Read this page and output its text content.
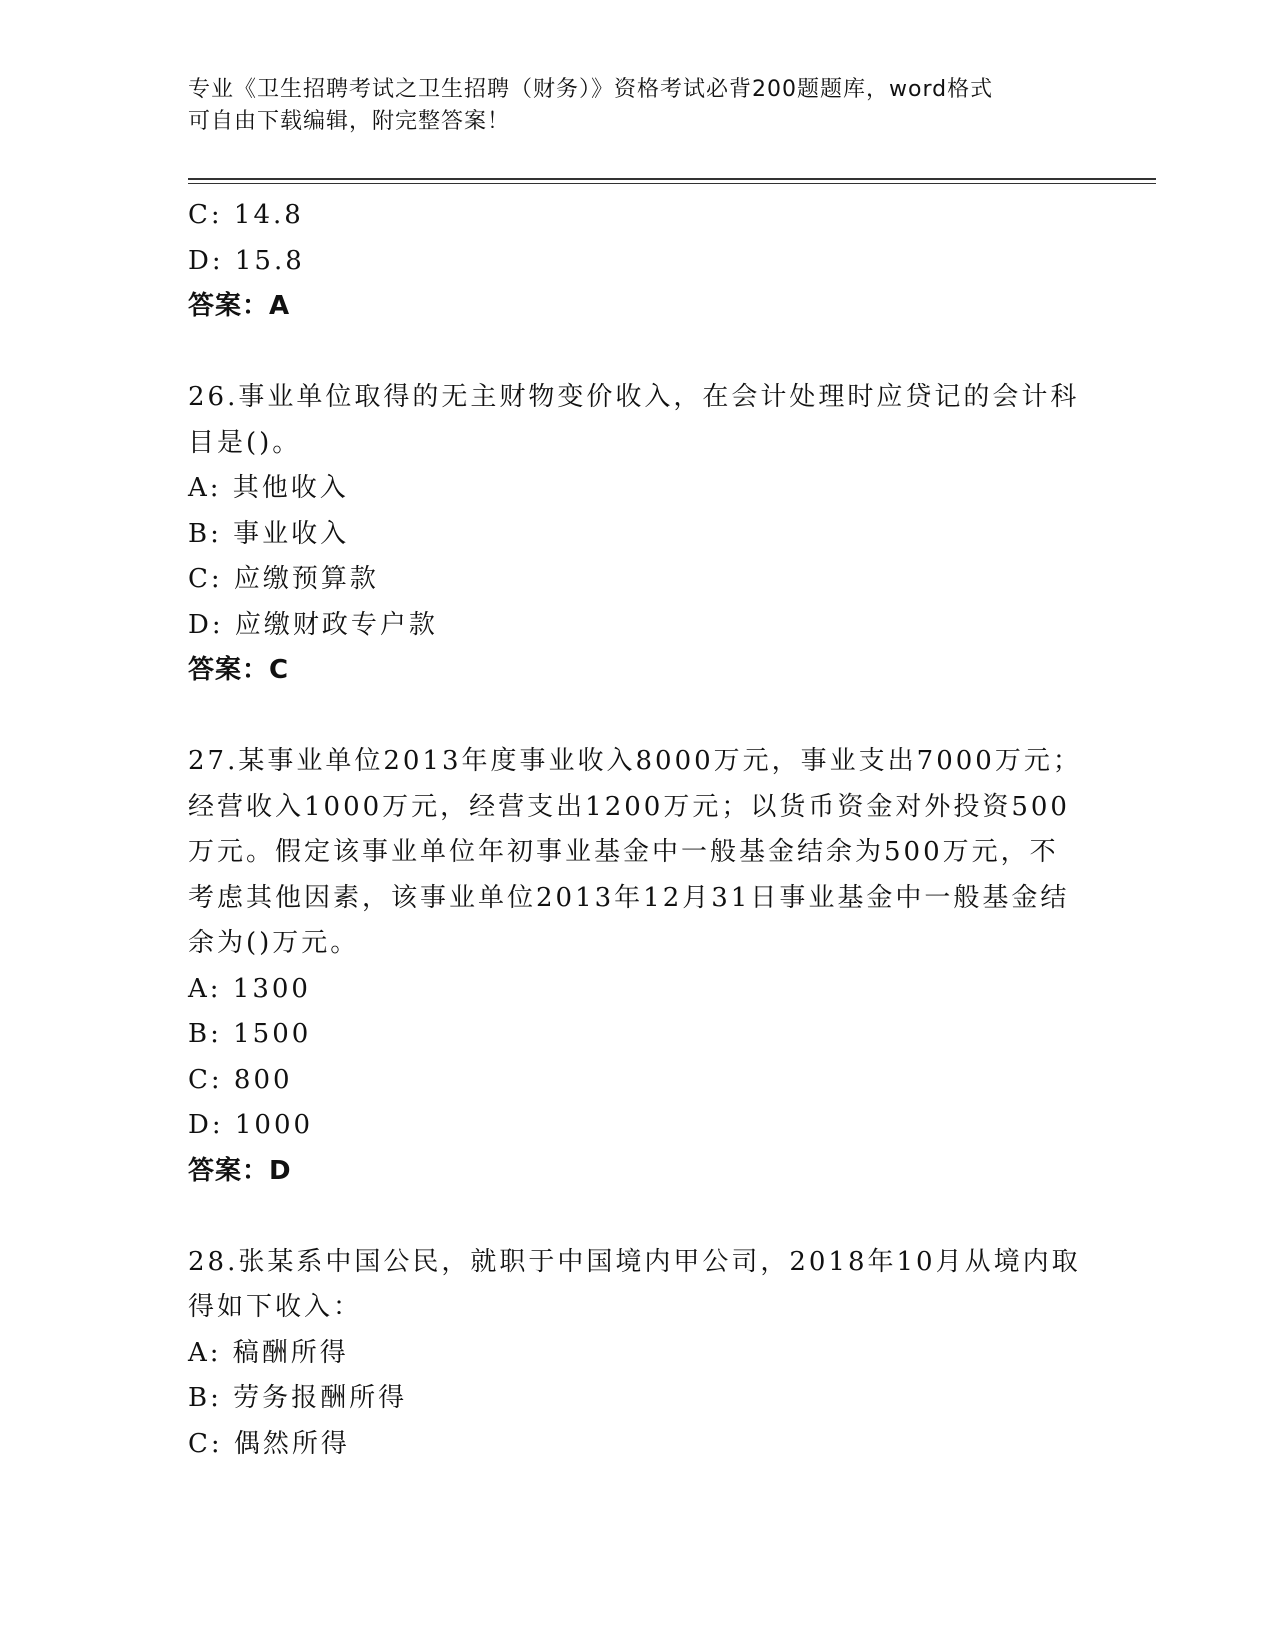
专业《卫生招聘考试之卫生招聘（财务）》资格考试必背200题题库，word格式
可自由下载编辑，附完整答案！
C: 14.8
D: 15.8
答案：A
26.事业单位取得的无主财物变价收入，在会计处理时应贷记的会计科
目是()。
A: 其他收入
B: 事业收入
C: 应缴预算款
D: 应缴财政专户款
答案：C
27.某事业单位2013年度事业收入8000万元，事业支出7000万元；
经营收入1000万元，经营支出1200万元；以货币资金对外投资500
万元。假定该事业单位年初事业基金中一般基金结余为500万元，不
考虑其他因素，该事业单位2013年12月31日事业基金中一般基金结
余为()万元。
A: 1300
B: 1500
C: 800
D: 1000
答案：D
28.张某系中国公民，就职于中国境内甲公司，2018年10月从境内取
得如下收入：
A: 稿酬所得
B: 劳务报酬所得
C: 偶然所得
